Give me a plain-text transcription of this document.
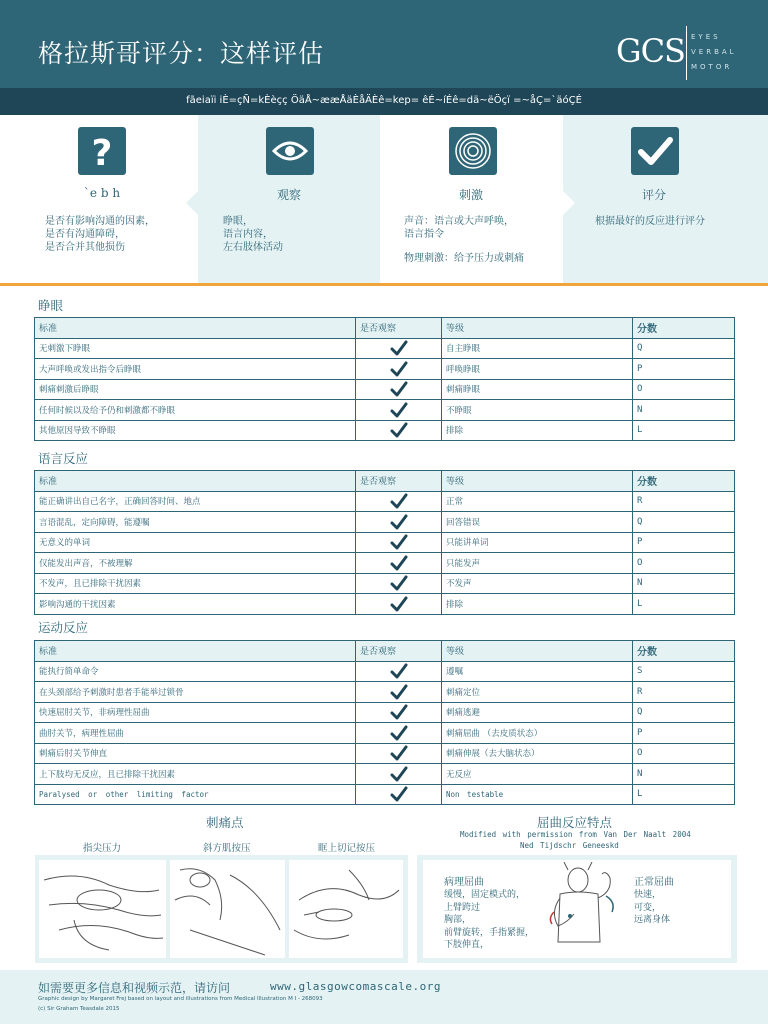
格拉斯哥评分：这样评估	GCS EYES
VERBAL
MOTOR
fãeiaïi iÈ=çÑ=kÈèçç ÖäÅ~ææÅäÈåÄÈê=kep= êÉ~íÉê=dä~ëÖçï =~åÇ=`äóÇÉ
?
`e b h
是否有影响沟通的因素，
是否有沟通障碍，
是否合并其他损伤
观察
睁眼，
语言内容，
左右肢体活动
刺激
声音：语言或大声呼唤，
语言指令
物理刺激：给予压力或刺痛
评分
根据最好的反应进行评分
睁眼
标准	是否观察	等级	分数
无刺激下睁眼		自主睁眼	Q
大声呼唤或发出指令后睁眼		呼唤睁眼	P
刺痛刺激后睁眼		刺痛睁眼	O
任何时候以及给予仍和刺激都不睁眼		不睁眼	N
其他原因导致不睁眼		排除	L
语言反应
标准	是否观察	等级	分数
能正确讲出自己名字，正确回答时间、地点		正常	R
言语混乱，定向障碍，能遵嘱		回答错误	Q
无意义的单词		只能讲单词	P
仅能发出声音，不被理解		只能发声	O
不发声，且已排除干扰因素		不发声	N
影响沟通的干扰因素		排除	L
运动反应
标准	是否观察	等级	分数
能执行简单命令		遵嘱	S
在头颈部给予刺激时患者手能举过锁骨		刺痛定位	R
快速屈肘关节，非病理性屈曲		刺痛逃避	Q
曲肘关节，病理性屈曲		刺痛屈曲 （去皮质状态）	P
刺痛后肘关节伸直		刺痛伸展（去大脑状态）	O
上下肢均无反应，且已排除干扰因素		无反应	N
Paralysed or other limiting factor		Non testable	L
刺痛点
指尖压力	斜方肌按压	眶上切记按压
屈曲反应特点
Modified with permission from Van Der Naalt 2004
Ned Tijdschr Geneeskd
病理屈曲
缓慢，固定模式的，
上臂跨过
胸部，
前臂旋转，手指紧握，
下肢伸直，
正常屈曲
快速，
可变，
远离身体
如需要更多信息和视频示范，请访问	www.glasgowcomascale.org
Graphic design by Margaret Frej based on layout and illustrations from Medical Illustration M I - 268093
(c) Sir Graham Teasdale 2015
